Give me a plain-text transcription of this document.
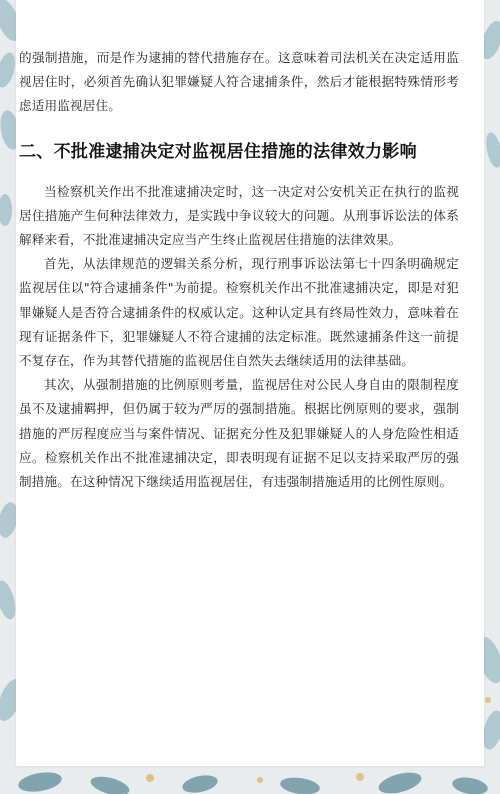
的强制措施，而是作为逮捕的替代措施存在。这意味着司法机关在决定适用监视居住时，必须首先确认犯罪嫌疑人符合逮捕条件，然后才能根据特殊情形考虑适用监视居住。

二、不批准逮捕决定对监视居住措施的法律效力影响

当检察机关作出不批准逮捕决定时，这一决定对公安机关正在执行的监视居住措施产生何种法律效力，是实践中争议较大的问题。从刑事诉讼法的体系解释来看，不批准逮捕决定应当产生终止监视居住措施的法律效果。

首先，从法律规范的逻辑关系分析，现行刑事诉讼法第七十四条明确规定监视居住以"符合逮捕条件"为前提。检察机关作出不批准逮捕决定，即是对犯罪嫌疑人是否符合逮捕条件的权威认定。这种认定具有终局性效力，意味着在现有证据条件下，犯罪嫌疑人不符合逮捕的法定标准。既然逮捕条件这一前提不复存在，作为其替代措施的监视居住自然失去继续适用的法律基础。

其次，从强制措施的比例原则考量，监视居住对公民人身自由的限制程度虽不及逮捕羁押，但仍属于较为严厉的强制措施。根据比例原则的要求，强制措施的严厉程度应当与案件情况、证据充分性及犯罪嫌疑人的人身危险性相适应。检察机关作出不批准逮捕决定，即表明现有证据不足以支持采取严厉的强制措施。在这种情况下继续适用监视居住，有违强制措施适用的比例性原则。
